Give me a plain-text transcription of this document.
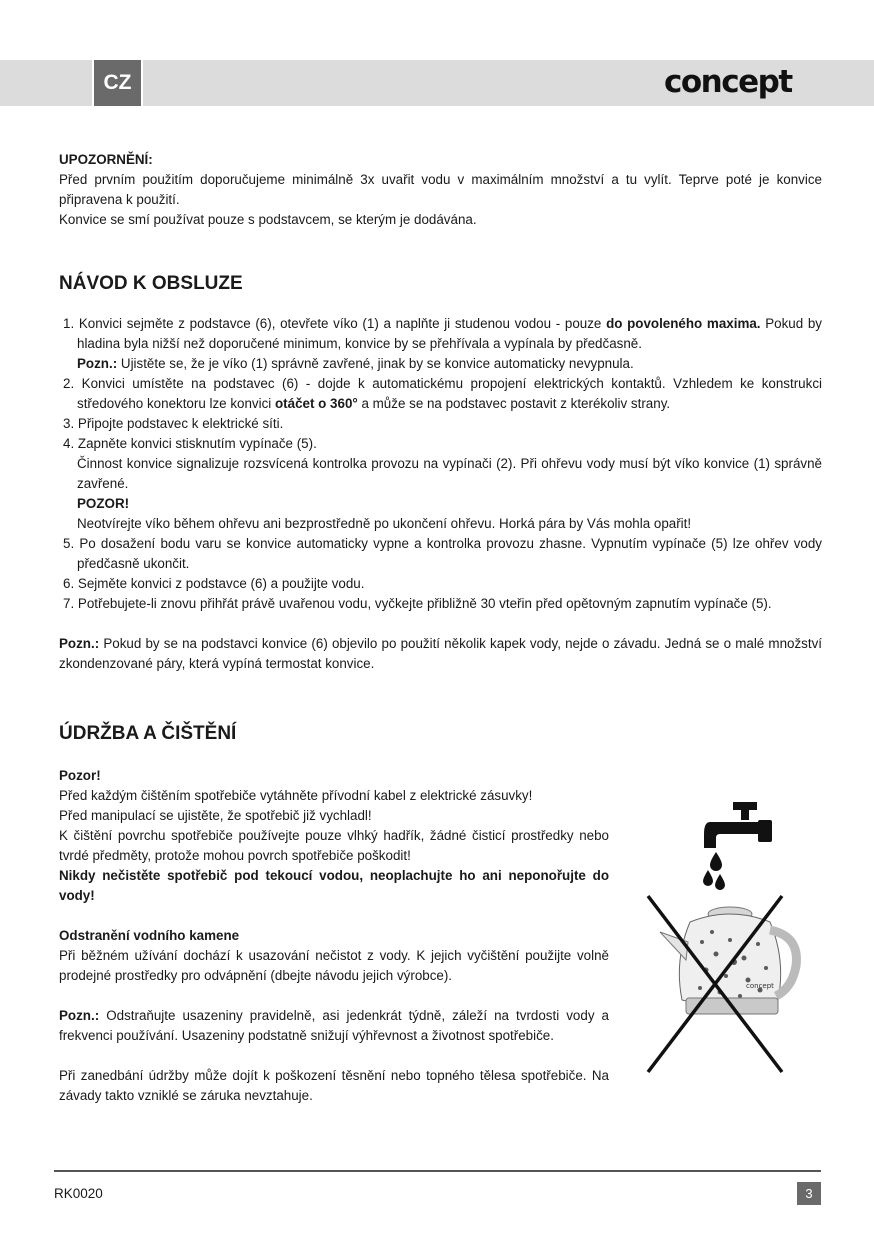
CZ	concept

UPOZORNĚNÍ:

Před prvním použitím doporučujeme minimálně 3x uvařit vodu v maximálním množství a tu vylít. Teprve poté je konvice připravena k použití.

Konvice se smí používat pouze s podstavcem, se kterým je dodávána.

NÁVOD K OBSLUZE

1. Konvici sejměte z podstavce (6), otevřete víko (1) a naplňte ji studenou vodou - pouze do povoleného maxima. Pokud by hladina byla nižší než doporučené minimum, konvice by se přehřívala a vypínala by předčasně.

Pozn.: Ujistěte se, že je víko (1) správně zavřené, jinak by se konvice automaticky nevypnula.

2. Konvici umístěte na podstavec (6) - dojde k automatickému propojení elektrických kontaktů. Vzhledem ke konstrukci středového konektoru lze konvici otáčet o 360° a může se na podstavec postavit z kterékoliv strany.

3. Připojte podstavec k elektrické síti.

4. Zapněte konvici stisknutím vypínače (5).

Činnost konvice signalizuje rozsvícená kontrolka provozu na vypínači (2). Při ohřevu vody musí být víko konvice (1) správně zavřené.

POZOR!

Neotvírejte víko během ohřevu ani bezprostředně po ukončení ohřevu. Horká pára by Vás mohla opařit!

5. Po dosažení bodu varu se konvice automaticky vypne a kontrolka provozu zhasne. Vypnutím vypínače (5) lze ohřev vody předčasně ukončit.

6. Sejměte konvici z podstavce (6) a použijte vodu.

7. Potřebujete-li znovu přihřát právě uvařenou vodu, vyčkejte přibližně 30 vteřin před opětovným zapnutím vypínače (5).

Pozn.: Pokud by se na podstavci konvice (6) objevilo po použití několik kapek vody, nejde o závadu. Jedná se o malé množství zkondenzované páry, která vypíná termostat konvice.

ÚDRŽBA A ČIŠTĚNÍ

Pozor!

Před každým čištěním spotřebiče vytáhněte přívodní kabel z elektrické zásuvky!

Před manipulací se ujistěte, že spotřebič již vychladl!

K čištění povrchu spotřebiče používejte pouze vlhký hadřík, žádné čisticí prostředky nebo tvrdé předměty, protože mohou povrch spotřebiče poškodit!

Nikdy nečistěte spotřebič pod tekoucí vodou, neoplachujte ho ani neponořujte do vody!

Odstranění vodního kamene

Při běžném užívání dochází k usazování nečistot z vody. K jejich vyčištění použijte volně prodejné prostředky pro odvápnění (dbejte návodu jejich výrobce).

Pozn.: Odstraňujte usazeniny pravidelně, asi jedenkrát týdně, záleží na tvrdosti vody a frekvenci používání. Usazeniny podstatně snižují výhřevnost a životnost spotřebiče.

Při zanedbání údržby může dojít k poškození těsnění nebo topného tělesa spotřebiče. Na závady takto vzniklé se záruka nevztahuje.

concept
RK0020	3
